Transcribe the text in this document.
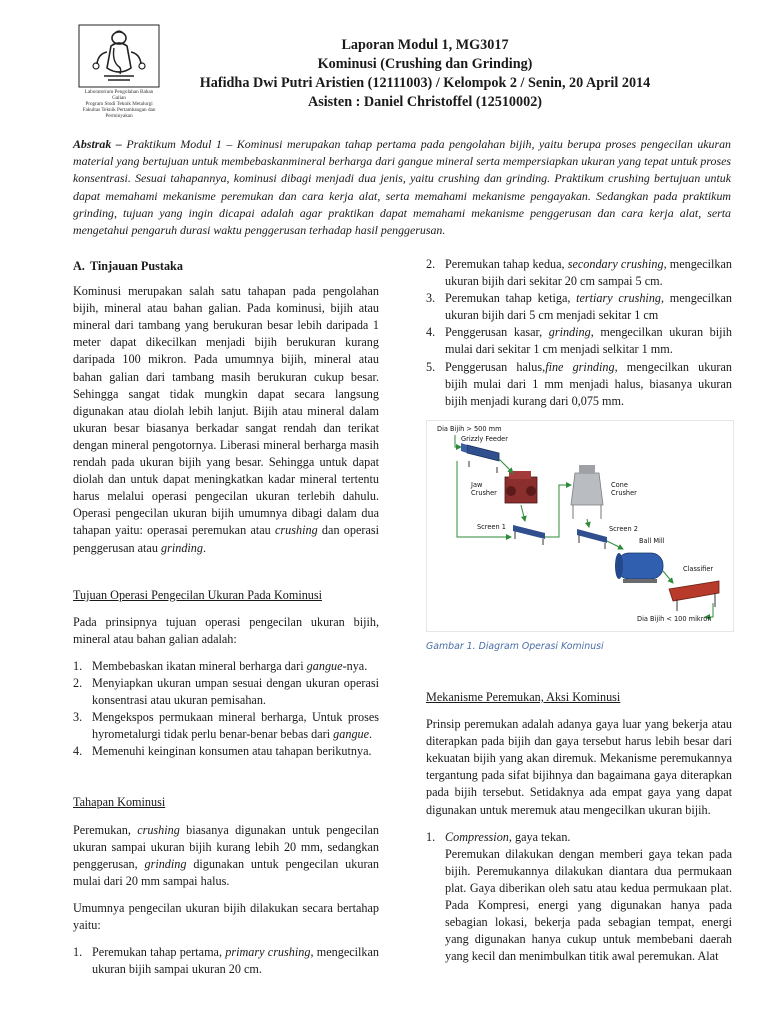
Laboratorium Pengolahan Bahan Galian
Program Studi Teknik Metalurgi
Fakultas Teknik Pertambangan dan
Perminyakan
Laporan Modul 1, MG3017
Kominusi (Crushing dan Grinding)
Hafidha Dwi Putri Aristien (12111003) / Kelompok 2 / Senin, 20 April 2014
Asisten : Daniel Christoffel (12510002)
Abstrak – Praktikum Modul 1 – Kominusi merupakan tahap pertama pada pengolahan bijih, yaitu berupa proses pengecilan ukuran material yang bertujuan untuk membebaskanmineral berharga dari gangue mineral serta mempersiapkan ukuran yang tepat untuk proses konsentrasi. Sesuai tahapannya, kominusi dibagi menjadi dua jenis, yaitu crushing dan grinding. Praktikum crushing bertujuan untuk dapat memahami mekanisme peremukan dan cara kerja alat, serta memahami mekanisme pengayakan. Sedangkan pada praktikum grinding, tujuan yang ingin dicapai adalah agar praktikan dapat memahami mekanisme penggerusan dan cara kerja alat, serta mengetahui pengaruh durasi waktu penggerusan terhadap hasil penggerusan.
A. Tinjauan Pustaka

Kominusi merupakan salah satu tahapan pada pengolahan bijih, mineral atau bahan galian. Pada kominusi, bijih atau mineral dari tambang yang berukuran besar lebih daripada 1 meter dapat dikecilkan menjadi bijih berukuran kurang daripada 100 mikron. Pada umumnya bijih, mineral atau bahan galian dari tambang masih berukuran cukup besar. Sehingga sangat tidak mungkin dapat secara langsung digunakan atau diolah lebih lanjut. Bijih atau mineral dalam ukuran besar biasanya berkadar sangat rendah dan terikat dengan mineral pengotornya. Liberasi mineral berharga masih rendah pada ukuran bijih yang besar. Sehingga untuk dapat diolah dan untuk dapat meningkatkan kadar mineral tertentu harus melalui operasi pengecilan ukuran terlebih dahulu. Operasi pengecilan ukuran bijih umumnya dibagi dalam dua tahapan yaitu: operasai peremukan atau crushing dan operasi penggerusan atau grinding.

Tujuan Operasi Pengecilan Ukuran Pada Kominusi

Pada prinsipnya tujuan operasi pengecilan ukuran bijih, mineral atau bahan galian adalah:

1. Membebaskan ikatan mineral berharga dari gangue-nya.
2. Menyiapkan ukuran umpan sesuai dengan ukuran operasi konsentrasi atau ukuran pemisahan.
3. Mengekspos permukaan mineral berharga, Untuk proses hyrometalurgi tidak perlu benar-benar bebas dari gangue.
4. Memenuhi keinginan konsumen atau tahapan berikutnya.
Tahapan Kominusi

Peremukan, crushing biasanya digunakan untuk pengecilan ukuran sampai ukuran bijih kurang lebih 20 mm, sedangkan penggerusan, grinding digunakan untuk pengecilan ukuran mulai dari 20 mm sampai halus.

Umumnya pengecilan ukuran bijih dilakukan secara bertahap yaitu:

1. Peremukan tahap pertama, primary crushing, mengecilkan ukuran bijih sampai ukuran 20 cm.
2. Peremukan tahap kedua, secondary crushing, mengecilkan ukuran bijih dari sekitar 20 cm sampai 5 cm.
3. Peremukan tahap ketiga, tertiary crushing, mengecilkan ukuran bijih dari 5 cm menjadi sekitar 1 cm
4. Penggerusan kasar, grinding, mengecilkan ukuran bijih mulai dari sekitar 1 cm menjadi selkitar 1 mm.
5. Penggerusan halus,fine grinding, mengecilkan ukuran bijih mulai dari 1 mm menjadi halus, biasanya ukuran bijih menjadi kurang dari 0,075 mm.
Dia Bijih > 500 mm
Grizzly Feeder
Jaw
Crusher
Cone
Crusher
Screen 1	Screen 2
Ball Mill
Classifier
Dia Bijih < 100 mikron
Gambar 1. Diagram Operasi Kominusi
Mekanisme Peremukan, Aksi Kominusi

Prinsip peremukan adalah adanya gaya luar yang bekerja atau diterapkan pada bijih dan gaya tersebut harus lebih besar dari kekuatan bijih yang akan diremuk. Mekanisme peremukannya tergantung pada sifat bijihnya dan bagaimana gaya diterapkan pada bijih tersebut. Setidaknya ada empat gaya yang dapat digunakan untuk meremuk atau mengecilkan ukuran bijih.

1. Compression, gaya tekan.

Peremukan dilakukan dengan memberi gaya tekan pada bijih. Peremukannya dilakukan diantara dua permukaan plat. Gaya diberikan oleh satu atau kedua permukaan plat. Pada Kompresi, energi yang digunakan hanya pada sebagian lokasi, bekerja pada sebagian tempat, energi yang digunakan hanya cukup untuk membebani daerah yang kecil dan menimbulkan titik awal peremukan. Alat
